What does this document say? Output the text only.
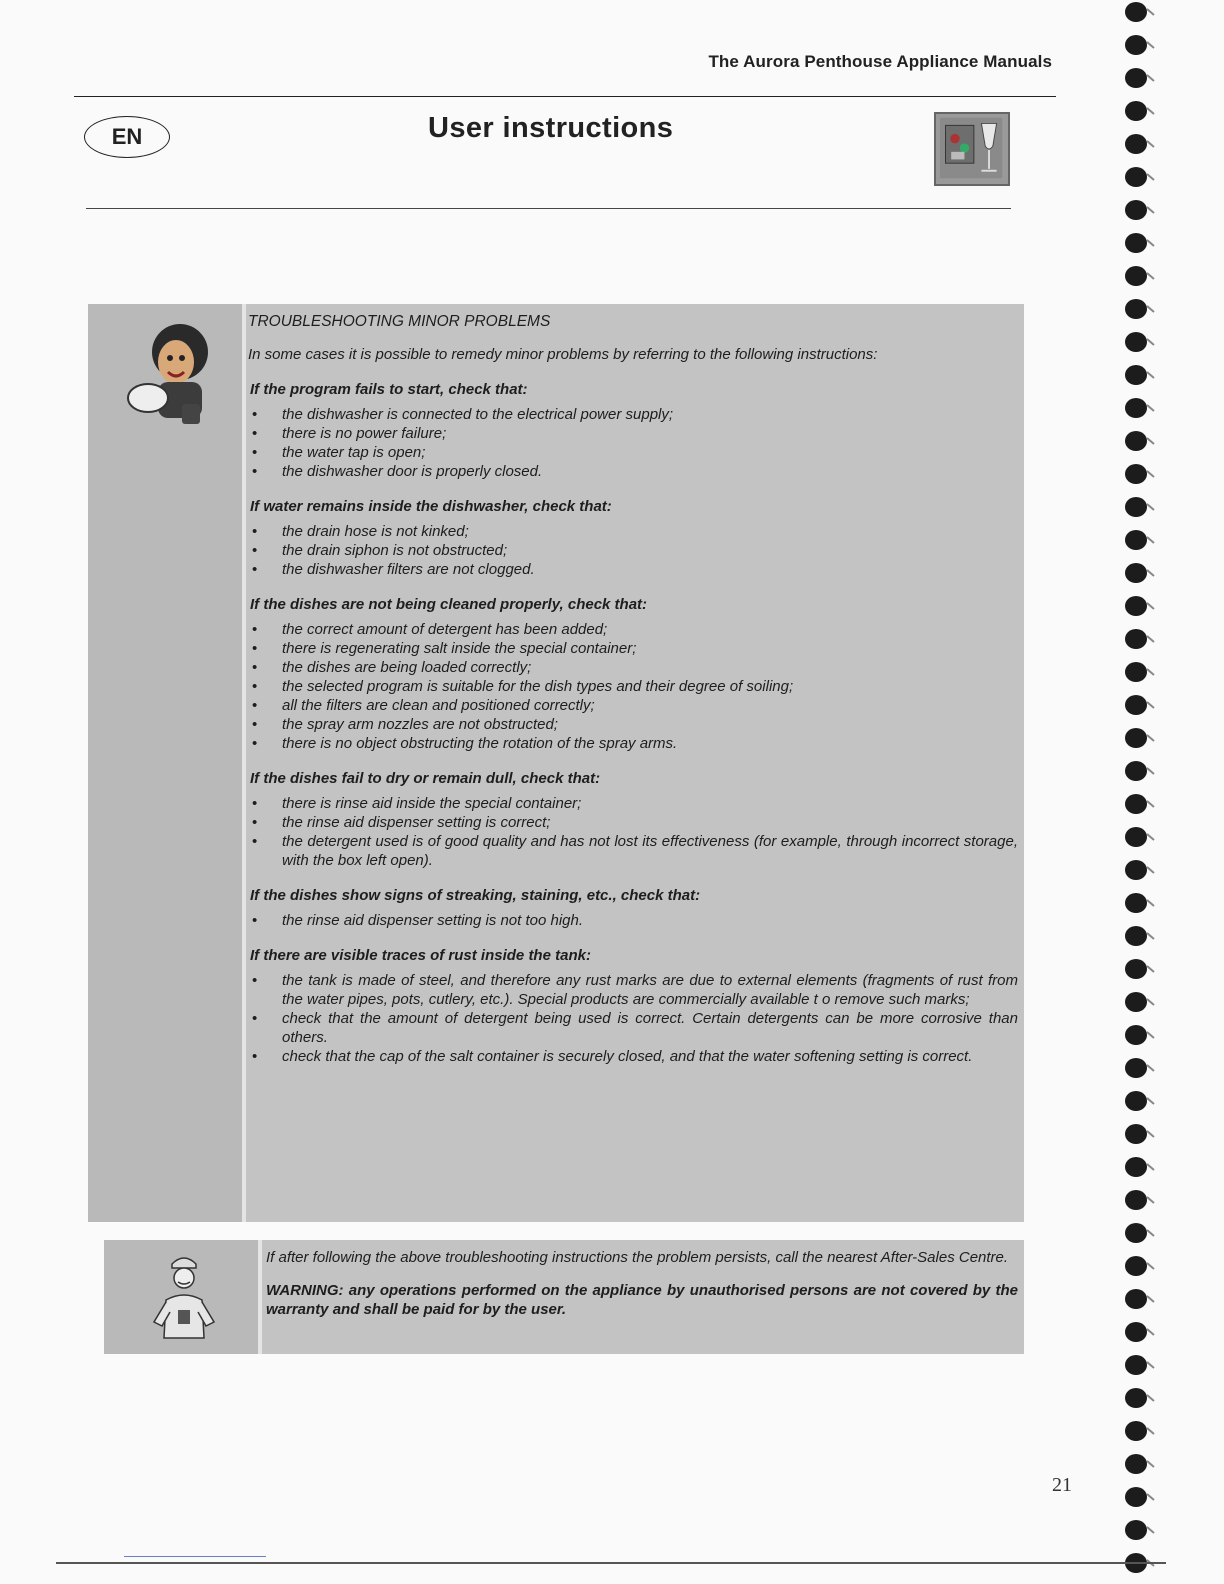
The Aurora Penthouse Appliance Manuals
EN	User instructions

TROUBLESHOOTING MINOR PROBLEMS

In some cases it is possible to remedy minor problems by referring to the following instructions:

If the program fails to start, check that:

• the dishwasher is connected to the electrical power supply;
• there is no power failure;
• the water tap is open;
• the dishwasher door is properly closed.

If water remains inside the dishwasher, check that:

• the drain hose is not kinked;
• the drain siphon is not obstructed;
• the dishwasher filters are not clogged.

If the dishes are not being cleaned properly, check that:

• the correct amount of detergent has been added;
• there is regenerating salt inside the special container;
• the dishes are being loaded correctly;
• the selected program is suitable for the dish types and their degree of soiling;
• all the filters are clean and positioned correctly;
• the spray arm nozzles are not obstructed;
• there is no object obstructing the rotation of the spray arms.

If the dishes fail to dry or remain dull, check that:

• there is rinse aid inside the special container;
• the rinse aid dispenser setting is correct;
• the detergent used is of good quality and has not lost its effectiveness (for example, through incorrect storage, with the box left open).

If the dishes show signs of streaking, staining, etc., check that:

• the rinse aid dispenser setting is not too high.

If there are visible traces of rust inside the tank:

• the tank is made of steel, and therefore any rust marks are due to external elements (fragments of rust from the water pipes, pots, cutlery, etc.). Special products are commercially available t o remove such marks;
• check that the amount of detergent being used is correct. Certain detergents can be more corrosive than others.
• check that the cap of the salt container is securely closed, and that the water softening setting is correct.

If after following the above troubleshooting instructions the problem persists, call the nearest After-Sales Centre.

WARNING: any operations performed on the appliance by unauthorised persons are not covered by the warranty and shall be paid for by the user.

21
